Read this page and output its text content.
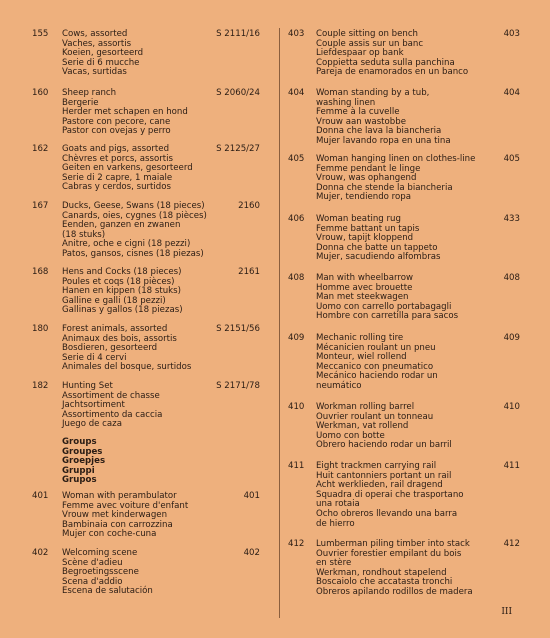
155	S 2111/16
Cows, assorted
Vaches, assortis
Koeien, gesorteerd
Serie di 6 mucche
Vacas, surtidas
160	S 2060/24
Sheep ranch
Bergerie
Herder met schapen en hond
Pastore con pecore, cane
Pastor con ovejas y perro
162	S 2125/27
Goats and pigs, assorted
Chèvres et porcs, assortis
Geiten en varkens, gesorteerd
Serie di 2 capre, 1 maiale
Cabras y cerdos, surtidos
167	2160
Ducks, Geese, Swans (18 pieces)
Canards, oies, cygnes (18 pièces)
Eenden, ganzen en zwanen
(18 stuks)
Anitre, oche e cigni (18 pezzi)
Patos, gansos, cisnes (18 piezas)
168	2161
Hens and Cocks (18 pieces)
Poules et coqs (18 pièces)
Hanen en kippen (18 stuks)
Galline e galli (18 pezzi)
Gallinas y gallos (18 piezas)
180	S 2151/56
Forest animals, assorted
Animaux des bois, assortis
Bosdieren, gesorteerd
Serie di 4 cervi
Animales del bosque, surtidos
182	S 2171/78
Hunting Set
Assortiment de chasse
Jachtsortiment
Assortimento da caccia
Juego de caza
401	401
Woman with perambulator
Femme avec voiture d'enfant
Vrouw met kinderwagen
Bambinaia con carrozzina
Mujer con coche-cuna
402	402
Welcoming scene
Scène d'adieu
Begroetingsscene
Scena d'addio
Escena de salutación
Groups
Groupes
Groepjes
Gruppi
Grupos
403	403
Couple sitting on bench
Couple assis sur un banc
Liefdespaar op bank
Coppietta seduta sulla panchina
Pareja de enamorados en un banco
404	404
Woman standing by a tub,
washing linen
Femme à la cuvelle
Vrouw aan wastobbe
Donna che lava la biancheria
Mujer lavando ropa en una tina
405	405
Woman hanging linen on clothes-line
Femme pendant le linge
Vrouw, was ophangend
Donna che stende la biancheria
Mujer, tendiendo ropa
406	433
Woman beating rug
Femme battant un tapis
Vrouw, tapijt kloppend
Donna che batte un tappeto
Mujer, sacudiendo alfombras
408	408
Man with wheelbarrow
Homme avec brouette
Man met steekwagen
Uomo con carrello portabagagli
Hombre con carretilla para sacos
409	409
Mechanic rolling tire
Mécanicien roulant un pneu
Monteur, wiel rollend
Meccanico con pneumatico
Mecánico haciendo rodar un
neumático
410	410
Workman rolling barrel
Ouvrier roulant un tonneau
Werkman, vat rollend
Uomo con botte
Obrero haciendo rodar un barril
411	411
Eight trackmen carrying rail
Huit cantonniers portant un rail
Acht werklieden, rail dragend
Squadra di operai che trasportano
una rotaia
Ocho obreros llevando una barra
de hierro
412	412
Lumberman piling timber into stack
Ouvrier forestier empilant du bois
en stère
Werkman, rondhout stapelend
Boscaiolo che accatasta tronchi
Obreros apilando rodillos de madera
III
